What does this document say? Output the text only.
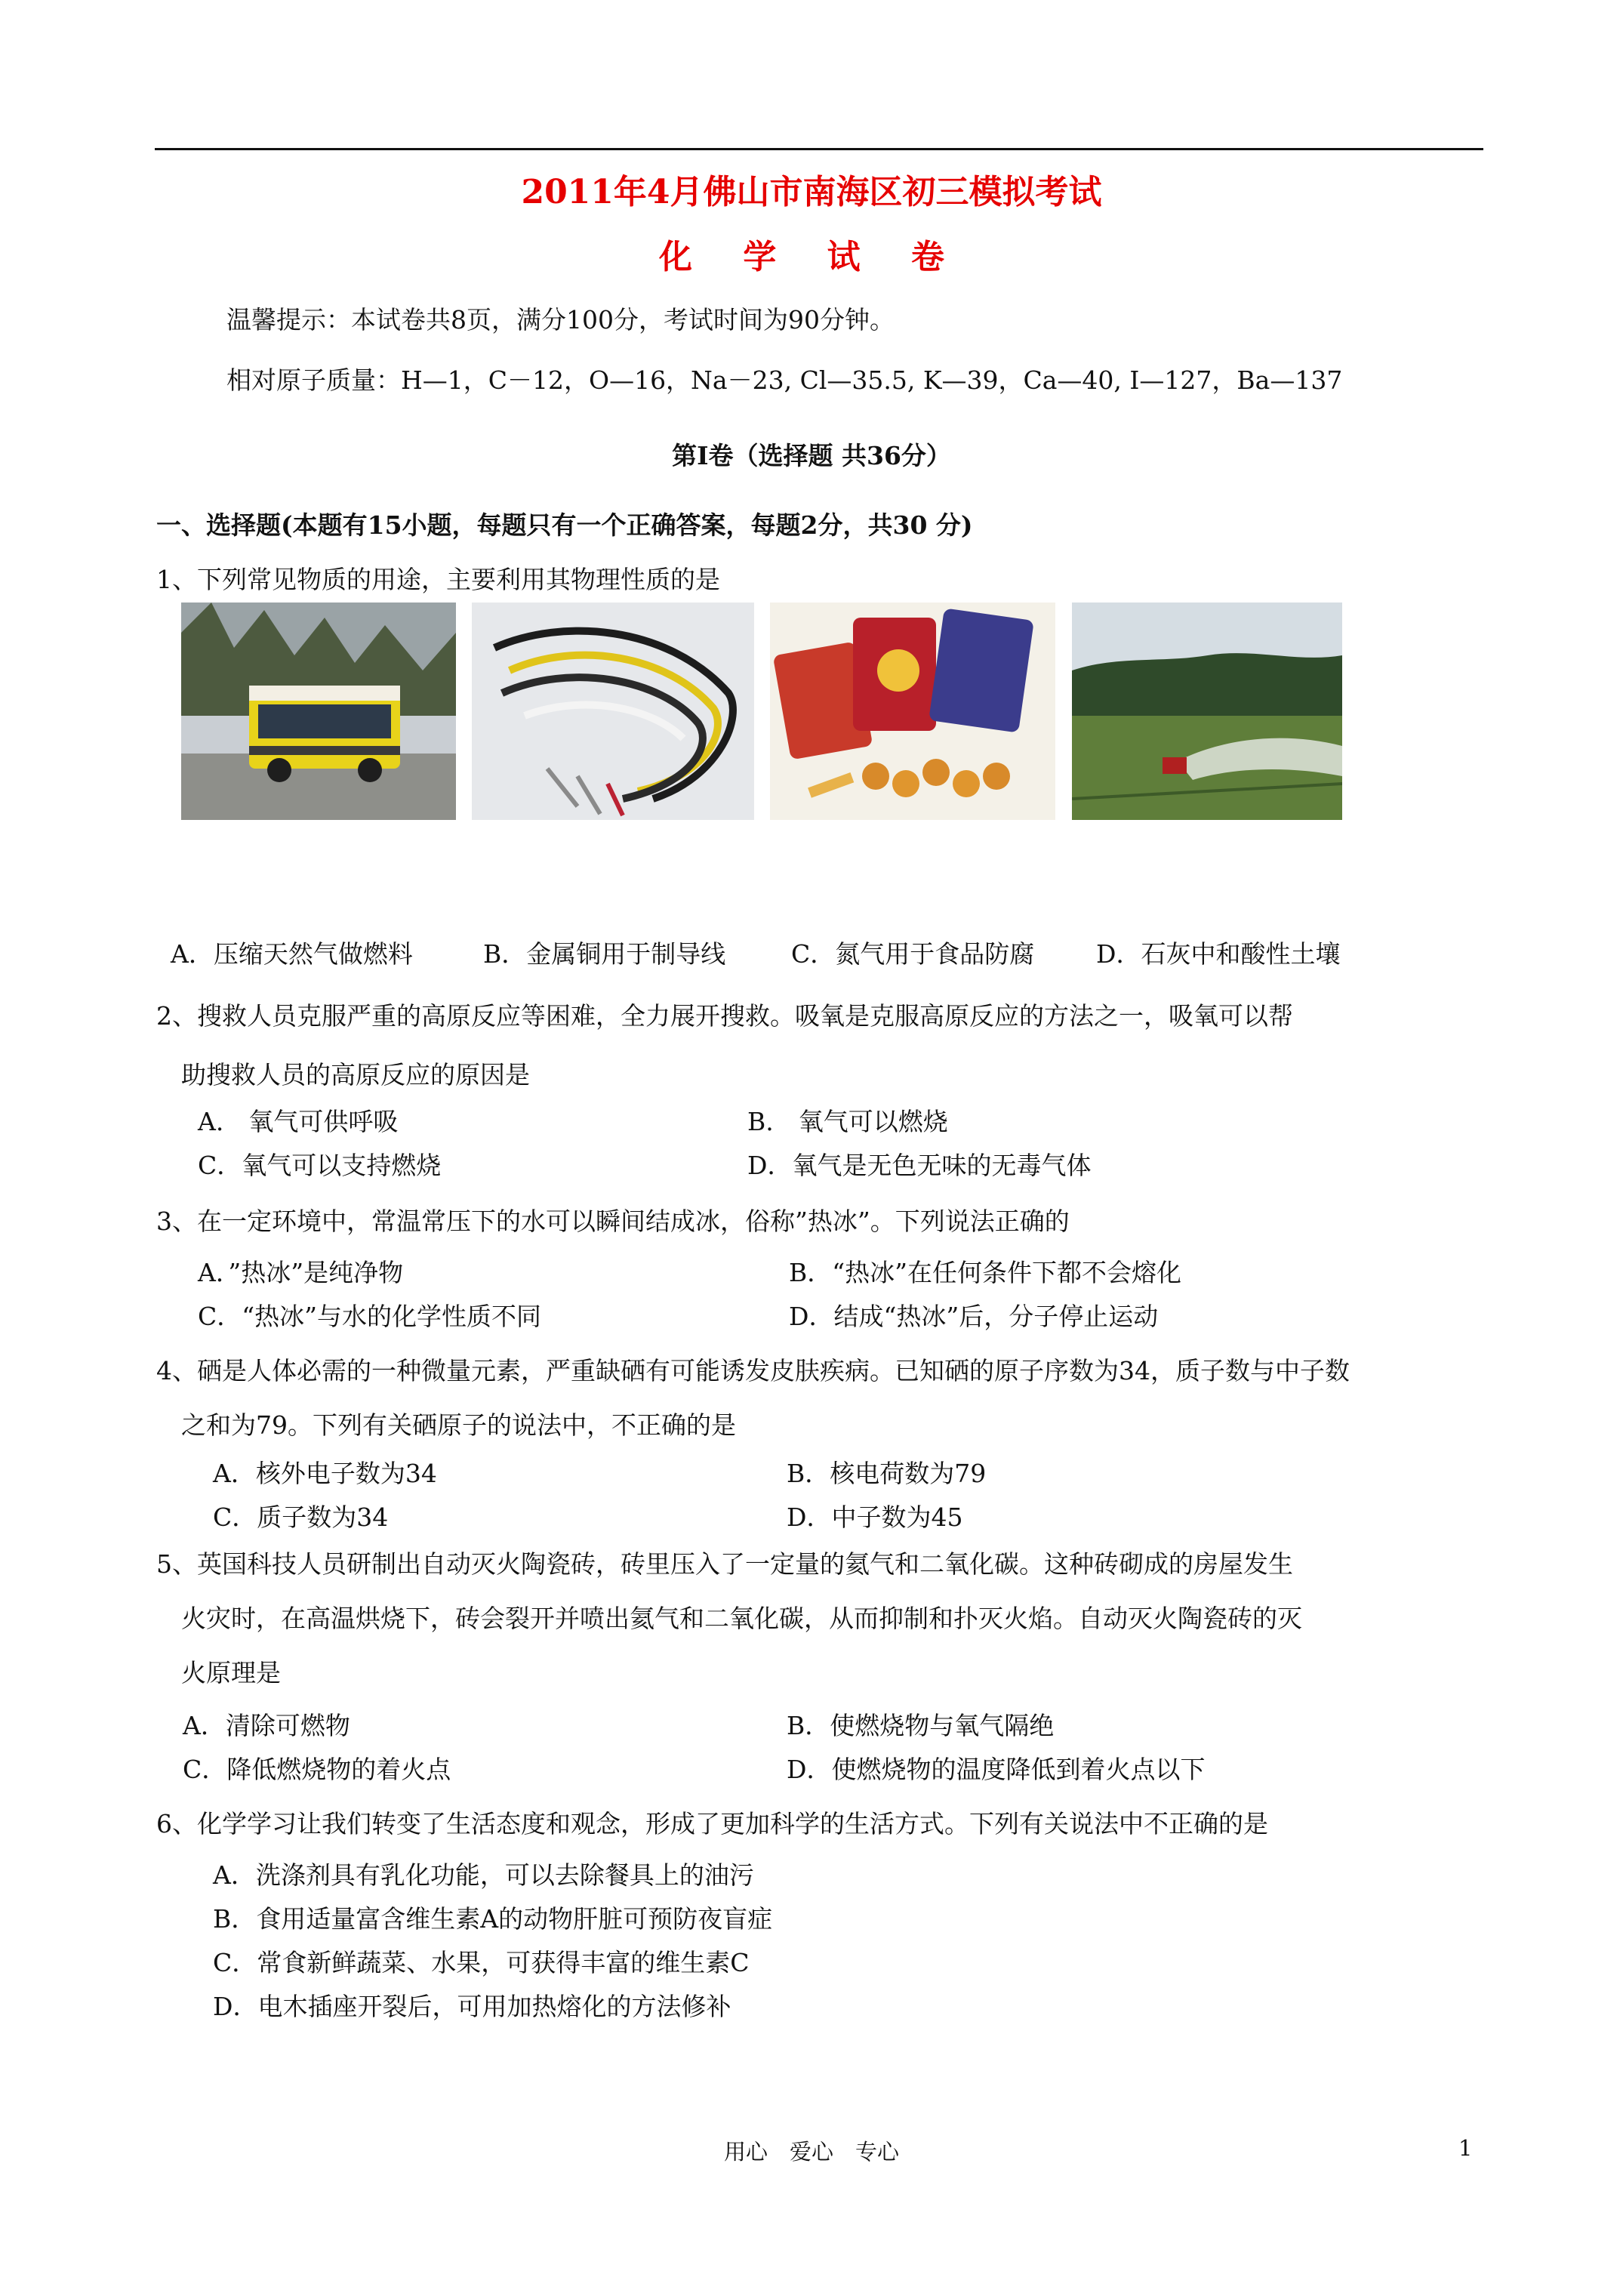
2011年4月佛山市南海区初三模拟考试
化 学 试 卷
温馨提示：本试卷共8页，满分100分，考试时间为90分钟。
相对原子质量：H—1，C－12，O—16，Na－23, Cl—35.5, K—39，Ca—40, I—127，Ba—137
第Ⅰ卷（选择题 共36分）
一、选择题(本题有15小题，每题只有一个正确答案，每题2分，共30 分)
1、下列常见物质的用途，主要利用其物理性质的是
A．压缩天然气做燃料	B．金属铜用于制导线	C．氮气用于食品防腐 D．石灰中和酸性土壤
2、搜救人员克服严重的高原反应等困难，全力展开搜救。吸氧是克服高原反应的方法之一，吸氧可以帮
助搜救人员的高原反应的原因是
A.　氧气可供呼吸	B.　氧气可以燃烧
C．氧气可以支持燃烧	D．氧气是无色无味的无毒气体
3、在一定环境中，常温常压下的水可以瞬间结成冰，俗称”热冰”。下列说法正确的
A．”热冰”是纯净物	B．“热冰”在任何条件下都不会熔化
C．“热冰”与水的化学性质不同	D．结成“热冰”后，分子停止运动
4、硒是人体必需的一种微量元素，严重缺硒有可能诱发皮肤疾病。已知硒的原子序数为34，质子数与中子数
之和为79。下列有关硒原子的说法中，不正确的是
A．核外电子数为34	B．核电荷数为79
C．质子数为34	D．中子数为45
5、英国科技人员研制出自动灭火陶瓷砖，砖里压入了一定量的氦气和二氧化碳。这种砖砌成的房屋发生
火灾时，在高温烘烧下，砖会裂开并喷出氦气和二氧化碳，从而抑制和扑灭火焰。自动灭火陶瓷砖的灭
火原理是
A．清除可燃物	B．使燃烧物与氧气隔绝
C．降低燃烧物的着火点	D．使燃烧物的温度降低到着火点以下
6、化学学习让我们转变了生活态度和观念，形成了更加科学的生活方式。下列有关说法中不正确的是
A．洗涤剂具有乳化功能，可以去除餐具上的油污
B．食用适量富含维生素A的动物肝脏可预防夜盲症
C．常食新鲜蔬菜、水果，可获得丰富的维生素C
D．电木插座开裂后，可用加热熔化的方法修补
用心　爱心　专心	1
